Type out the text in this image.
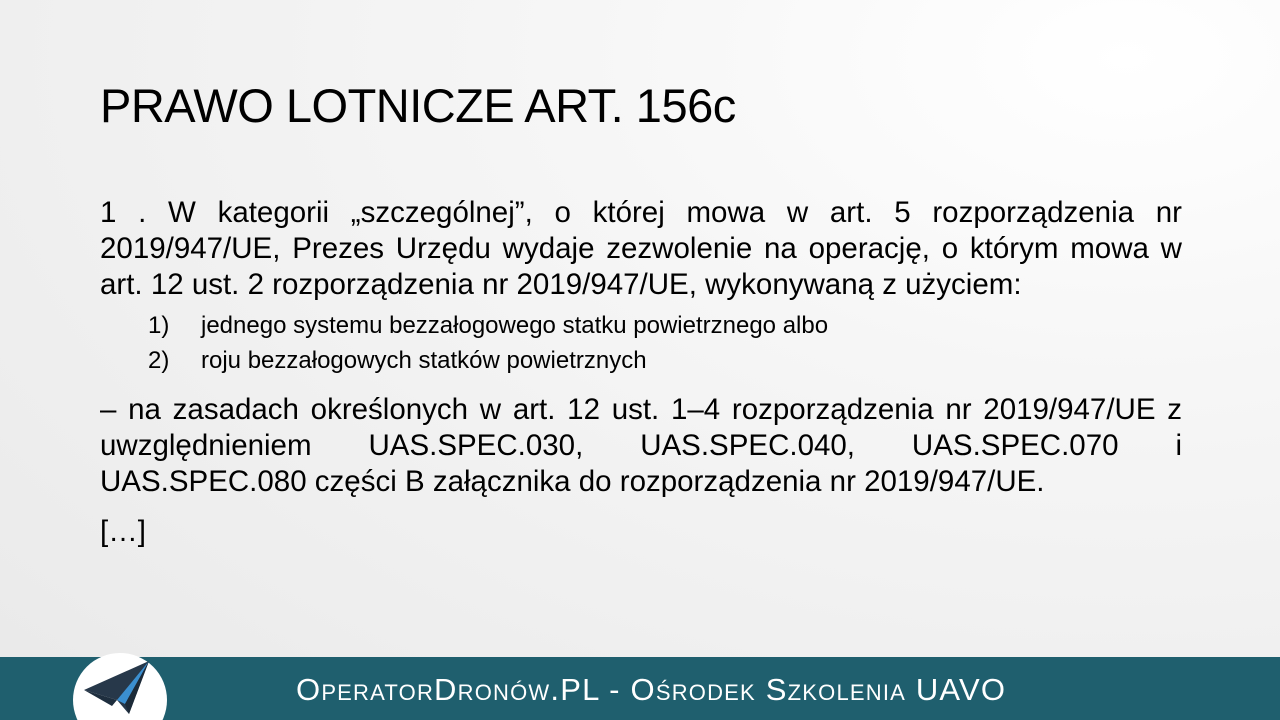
PRAWO LOTNICZE ART. 156c

1 . W kategorii „szczególnej”, o której mowa w art. 5 rozporządzenia nr 2019/947/UE, Prezes Urzędu wydaje zezwolenie na operację, o którym mowa w art. 12 ust. 2 rozporządzenia nr 2019/947/UE, wykonywaną z użyciem:

1) jednego systemu bezzałogowego statku powietrznego albo
2) roju bezzałogowych statków powietrznych

– na zasadach określonych w art. 12 ust. 1–4 rozporządzenia nr 2019/947/UE z uwzględnieniem UAS.SPEC.030, UAS.SPEC.040, UAS.SPEC.070 i UAS.SPEC.080 części B załącznika do rozporządzenia nr 2019/947/UE.

[…]
OperatorDronów.PL - Ośrodek Szkolenia UAVO
